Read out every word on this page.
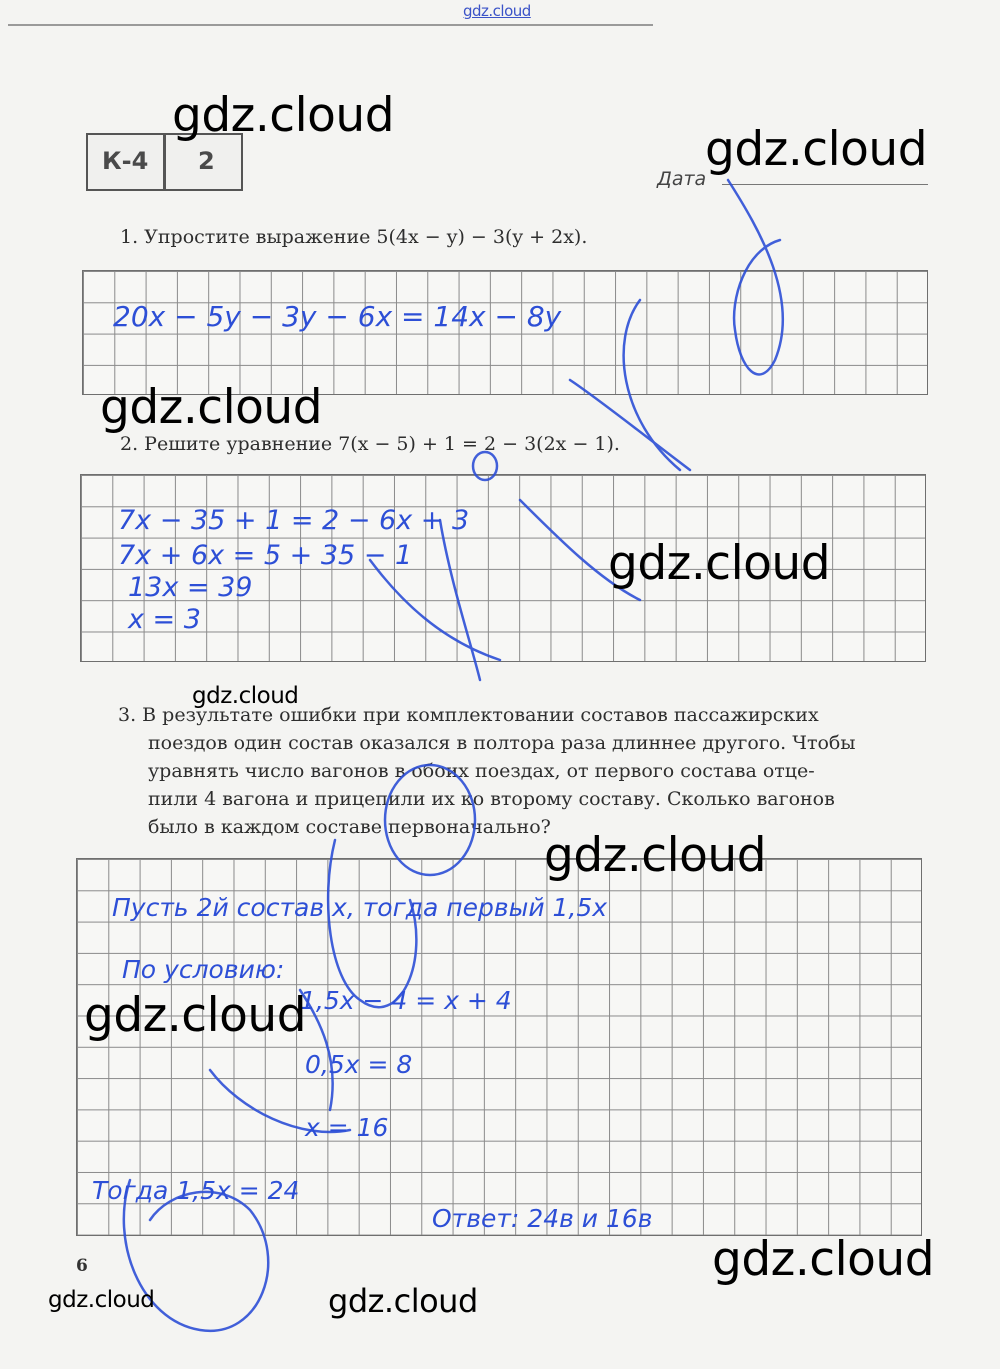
gdz.cloud
К-4 2
Дата
1. Упростите выражение 5(4x − y) − 3(y + 2x).
20x − 5y − 3y − 6x = 14x − 8y
2. Решите уравнение 7(x − 5) + 1 = 2 − 3(2x − 1).
7x − 35 + 1 = 2 − 6x + 3
7x + 6x = 5 + 35 − 1
13x = 39
x = 3
3. В результате ошибки при комплектовании составов пассажирских
поездов один состав оказался в полтора раза длиннее другого. Чтобы
уравнять число вагонов в обоих поездах, от первого состава отце-
пили 4 вагона и прицепили их ко второму составу. Сколько вагонов
было в каждом составе первоначально?
Пусть 2й состав x, тогда первый 1,5x
По условию:
1,5x − 4 = x + 4
0,5x = 8
x = 16
Тогда 1,5x = 24
Ответ: 24в и 16в
6
gdz.cloud
gdz.cloud
gdz.cloud
gdz.cloud
gdz.cloud
gdz.cloud
gdz.cloud
gdz.cloud
gdz.cloud	gdz.cloud
